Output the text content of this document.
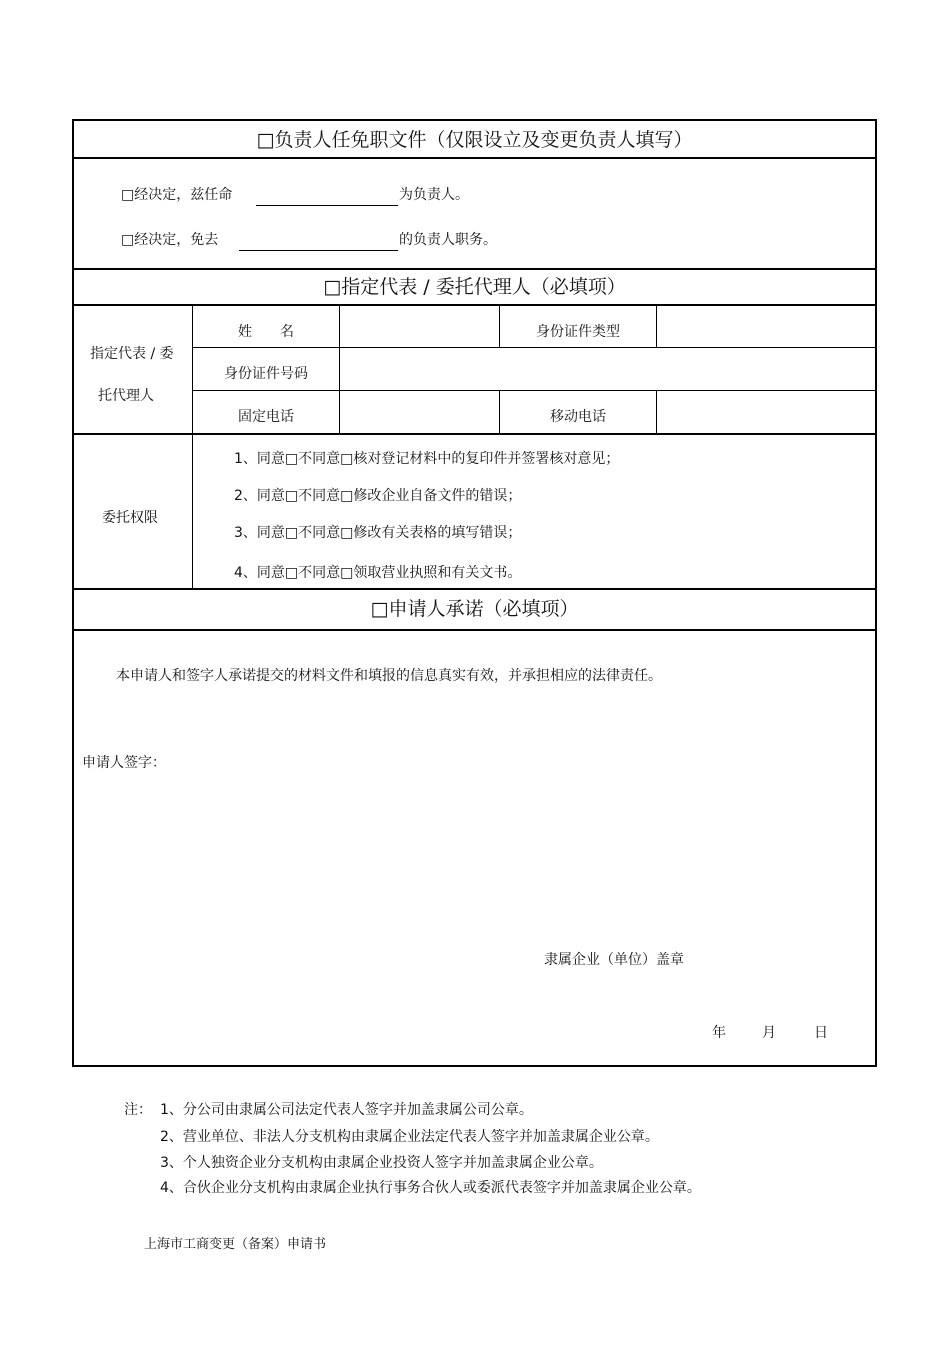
□负责人任免职文件（仅限设立及变更负责人填写）
□经决定，兹任命	为负责人。
□经决定，免去	的负责人职务。
□指定代表 / 委托代理人（必填项）
指定代表 / 委
托代理人
姓　　名	身份证件类型
身份证件号码
固定电话	移动电话
委托权限
1、同意□不同意□核对登记材料中的复印件并签署核对意见；
2、同意□不同意□修改企业自备文件的错误；
3、同意□不同意□修改有关表格的填写错误；
4、同意□不同意□领取营业执照和有关文书。
□申请人承诺（必填项）
本申请人和签字人承诺提交的材料文件和填报的信息真实有效，并承担相应的法律责任。
申请人签字：
隶属企业（单位）盖章
年	月	日
注： 1、分公司由隶属公司法定代表人签字并加盖隶属公司公章。
2、营业单位、非法人分支机构由隶属企业法定代表人签字并加盖隶属企业公章。
3、个人独资企业分支机构由隶属企业投资人签字并加盖隶属企业公章。
4、合伙企业分支机构由隶属企业执行事务合伙人或委派代表签字并加盖隶属企业公章。
上海市工商变更（备案）申请书
